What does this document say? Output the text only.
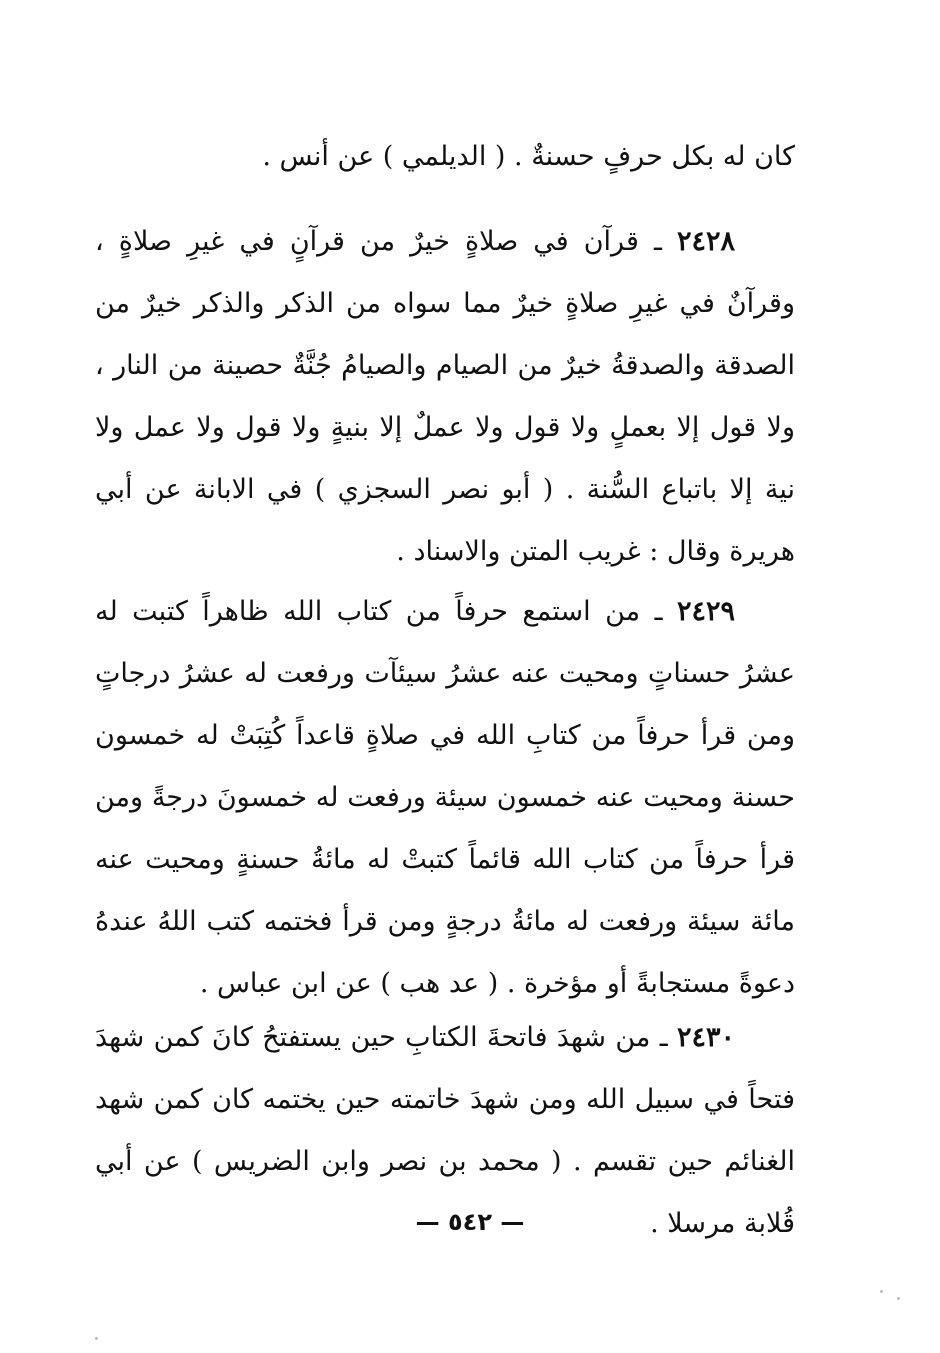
كان له بكل حرفٍ حسنةٌ . ( الديلمي ) عن أنس .

٢٤٢٨ ـ قرآن في صلاةٍ خيرٌ من قرآنٍ في غيرِ صلاةٍ ، وقرآنٌ في غيرِ صلاةٍ خيرٌ مما سواه من الذكر والذكر خيرٌ من الصدقة والصدقةُ خيرٌ من الصيام والصيامُ جُنَّةٌ حصينة من النار ، ولا قول إلا بعملٍ ولا قول ولا عملٌ إلا بنيةٍ ولا قول ولا عمل ولا نية إلا باتباع السُّنة . ( أبو نصر السجزي ) في الابانة عن أبي هريرة وقال : غريب المتن والاسناد .

٢٤٢٩ ـ من استمع حرفاً من كتاب الله ظاهراً كتبت له عشرُ حسناتٍ ومحيت عنه عشرُ سيئآت ورفعت له عشرُ درجاتٍ ومن قرأ حرفاً من كتابِ الله في صلاةٍ قاعداً كُتِبَتْ له خمسون حسنة ومحيت عنه خمسون سيئة ورفعت له خمسونَ درجةً ومن قرأ حرفاً من كتاب الله قائماً كتبتْ له مائةُ حسنةٍ ومحيت عنه مائة سيئة ورفعت له مائةُ درجةٍ ومن قرأ فختمه كتب اللهُ عندهُ دعوةً مستجابةً أو مؤخرة . ( عد هب ) عن ابن عباس .

٢٤٣٠ ـ من شهدَ فاتحةَ الكتابِ حين يستفتحُ كانَ كمن شهدَ فتحاً في سبيل الله ومن شهدَ خاتمته حين يختمه كان كمن شهد الغنائم حين تقسم . ( محمد بن نصر وابن الضريس ) عن أبي قُلابة مرسلا .

— ٥٤٢ —
